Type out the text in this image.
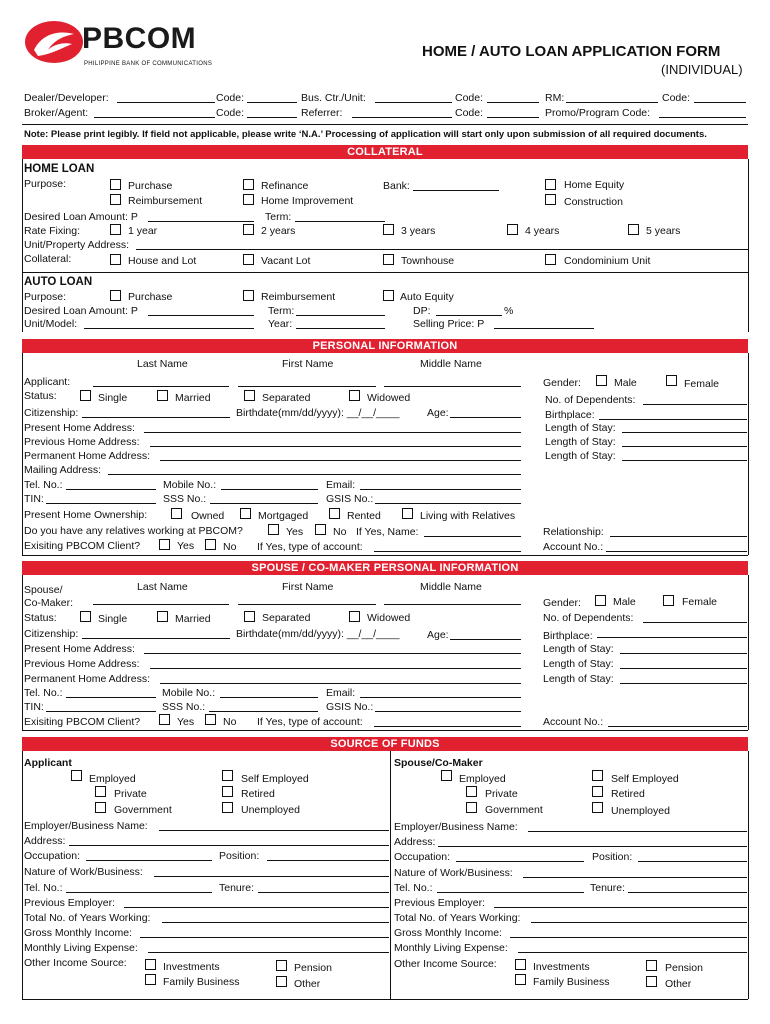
PBCOM
PHILIPPINE BANK OF COMMUNICATIONS
HOME / AUTO LOAN APPLICATION FORM
(INDIVIDUAL)
Dealer/Developer:	Code:	Bus. Ctr./Unit:	Code:	RM:	Code:
Broker/Agent:	Code:	Referrer:	Code:	Promo/Program Code:
Note: Please print legibly. If field not applicable, please write ‘N.A.’ Processing of application will start only upon submission of all required documents.
COLLATERAL
HOME LOAN
Purpose:	Purchase	Refinance	Bank:	Home Equity
Reimbursement	Home Improvement	Construction
Desired Loan Amount: P	Term:
Rate Fixing:	1 year	2 years	3 years	4 years	5 years
Unit/Property Address:
Collateral:	House and Lot	Vacant Lot	Townhouse	Condominium Unit
AUTO LOAN
Purpose:	Purchase	Reimbursement	Auto Equity
Desired Loan Amount: P	Term:	DP:	%
Unit/Model:	Year:	Selling Price: P
PERSONAL INFORMATION
Last Name	First Name	Middle Name
Applicant:	Gender:	Male	Female
Status:	Single	Married	Separated	Widowed	No. of Dependents:
Citizenship:	Birthdate(mm/dd/yyyy): __/__/____	Age:	Birthplace:
Present Home Address:	Length of Stay:
Previous Home Address:	Length of Stay:
Permanent Home Address:	Length of Stay:
Mailing Address:
Tel. No.:	Mobile No.:	Email:
TIN:	SSS No.:	GSIS No.:
Present Home Ownership:	Owned	Mortgaged	Rented	Living with Relatives
Do you have any relatives working at PBCOM?	Yes	No If Yes, Name:	Relationship:
Exisiting PBCOM Client?	Yes	No If Yes, type of account:	Account No.:
SPOUSE / CO-MAKER PERSONAL INFORMATION
Last Name	First Name	Middle Name
Spouse/
Co-Maker:	Gender:	Male	Female
Status:	Single	Married	Separated	Widowed	No. of Dependents:
Citizenship:	Birthdate(mm/dd/yyyy): __/__/____	Age:	Birthplace:
Present Home Address:	Length of Stay:
Previous Home Address:	Length of Stay:
Permanent Home Address:	Length of Stay:
Tel. No.:	Mobile No.:	Email:
TIN:	SSS No.:	GSIS No.:
Exisiting PBCOM Client?	Yes	No If Yes, type of account:	Account No.:
SOURCE OF FUNDS
Applicant
Employed	Self Employed
Private	Retired
Government	Unemployed
Employer/Business Name:
Address:
Occupation:	Position:
Nature of Work/Business:
Tel. No.:	Tenure:
Previous Employer:
Total No. of Years Working:
Gross Monthly Income:
Monthly Living Expense:
Other Income Source:	Investments	Pension
Family Business	Other
Spouse/Co-Maker
Employed	Self Employed
Private	Retired
Government	Unemployed
Employer/Business Name:
Address:
Occupation:	Position:
Nature of Work/Business:
Tel. No.:	Tenure:
Previous Employer:
Total No. of Years Working:
Gross Monthly Income:
Monthly Living Expense:
Other Income Source:	Investments	Pension
Family Business	Other
